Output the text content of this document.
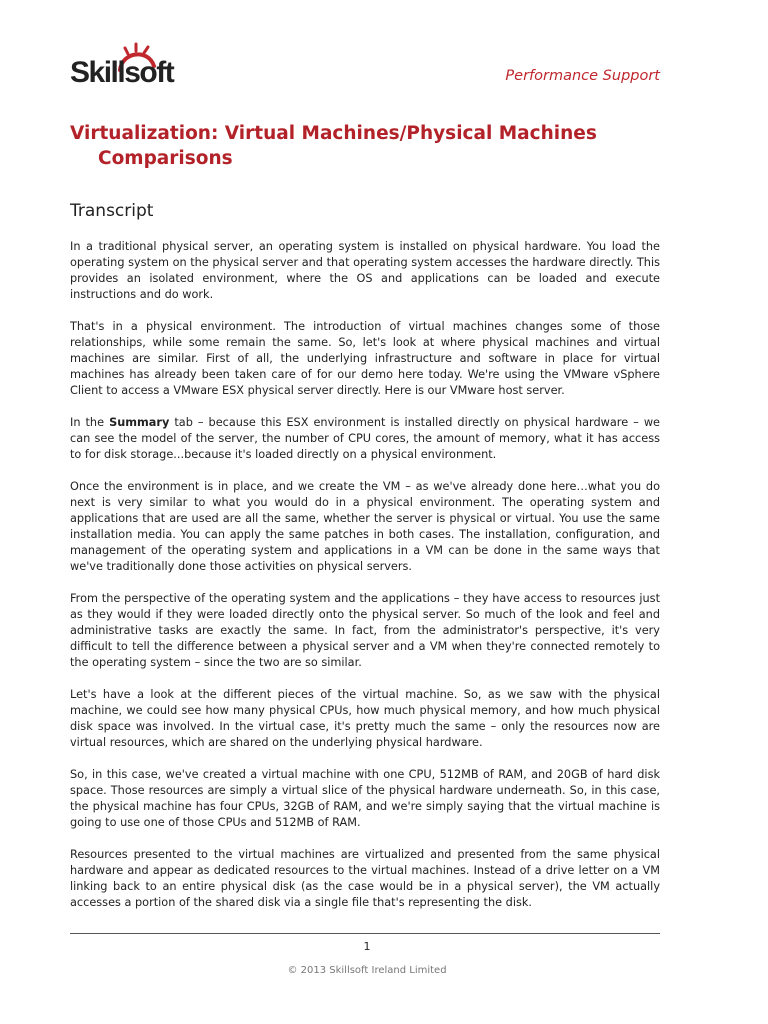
Skillsoft	Performance Support
Virtualization: Virtual Machines/Physical Machines
Comparisons
Transcript

In a traditional physical server, an operating system is installed on physical hardware. You load the operating system on the physical server and that operating system accesses the hardware directly. This provides an isolated environment, where the OS and applications can be loaded and execute instructions and do work.

That's in a physical environment. The introduction of virtual machines changes some of those relationships, while some remain the same. So, let's look at where physical machines and virtual machines are similar. First of all, the underlying infrastructure and software in place for virtual machines has already been taken care of for our demo here today. We're using the VMware vSphere Client to access a VMware ESX physical server directly. Here is our VMware host server.

In the Summary tab – because this ESX environment is installed directly on physical hardware – we can see the model of the server, the number of CPU cores, the amount of memory, what it has access to for disk storage...because it's loaded directly on a physical environment.

Once the environment is in place, and we create the VM – as we've already done here…what you do next is very similar to what you would do in a physical environment. The operating system and applications that are used are all the same, whether the server is physical or virtual. You use the same installation media. You can apply the same patches in both cases. The installation, configuration, and management of the operating system and applications in a VM can be done in the same ways that we've traditionally done those activities on physical servers.

From the perspective of the operating system and the applications – they have access to resources just as they would if they were loaded directly onto the physical server. So much of the look and feel and administrative tasks are exactly the same. In fact, from the administrator's perspective, it's very difficult to tell the difference between a physical server and a VM when they're connected remotely to the operating system – since the two are so similar.

Let's have a look at the different pieces of the virtual machine. So, as we saw with the physical machine, we could see how many physical CPUs, how much physical memory, and how much physical disk space was involved. In the virtual case, it's pretty much the same – only the resources now are virtual resources, which are shared on the underlying physical hardware.

So, in this case, we've created a virtual machine with one CPU, 512MB of RAM, and 20GB of hard disk space. Those resources are simply a virtual slice of the physical hardware underneath. So, in this case, the physical machine has four CPUs, 32GB of RAM, and we're simply saying that the virtual machine is going to use one of those CPUs and 512MB of RAM.

Resources presented to the virtual machines are virtualized and presented from the same physical hardware and appear as dedicated resources to the virtual machines. Instead of a drive letter on a VM linking back to an entire physical disk (as the case would be in a physical server), the VM actually accesses a portion of the shared disk via a single file that's representing the disk.

1
© 2013 Skillsoft Ireland Limited
